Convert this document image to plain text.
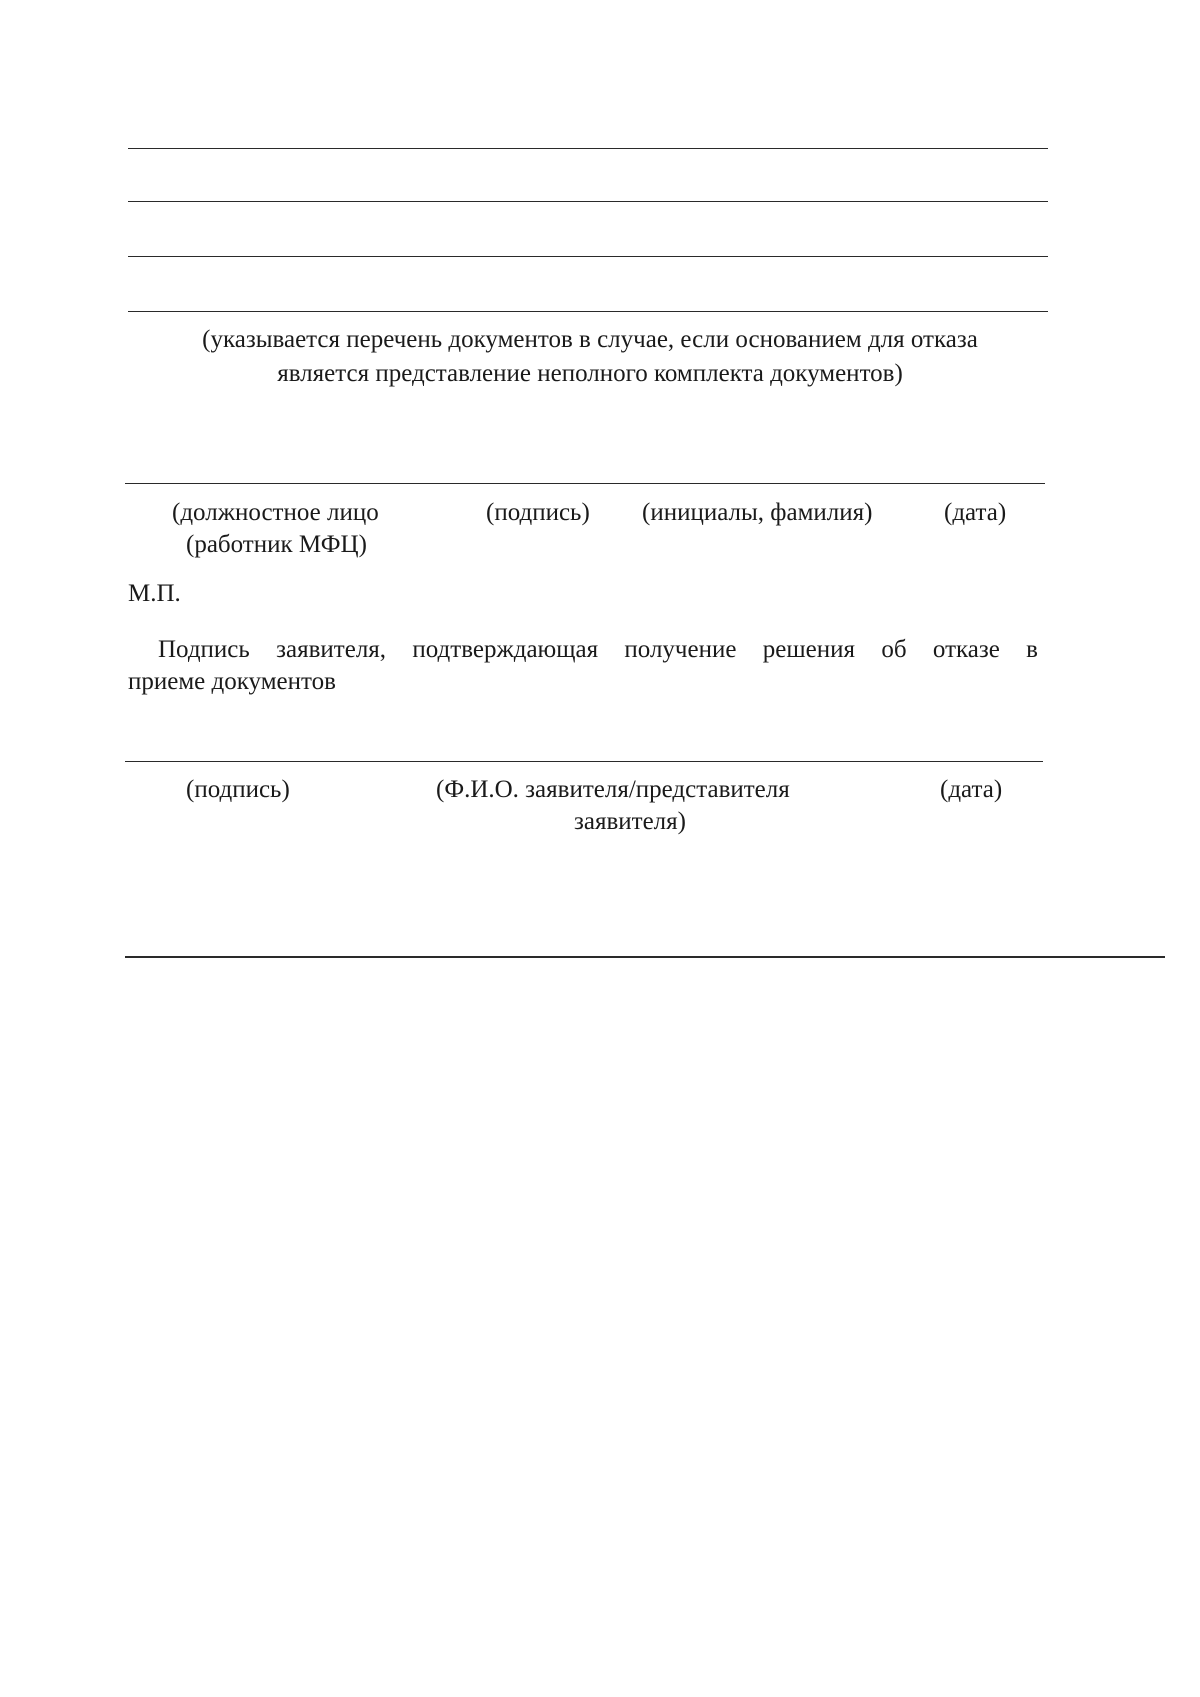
(указывается перечень документов в случае, если основанием для отказа
является представление неполного комплекта документов)
(должностное лицо
(работник МФЦ)
(подпись) (инициалы, фамилия)	(дата)
М.П.
Подпись заявителя, подтверждающая получение решения об отказе в
приеме документов
(подпись)	(Ф.И.О. заявителя/представителя
заявителя)
(дата)
